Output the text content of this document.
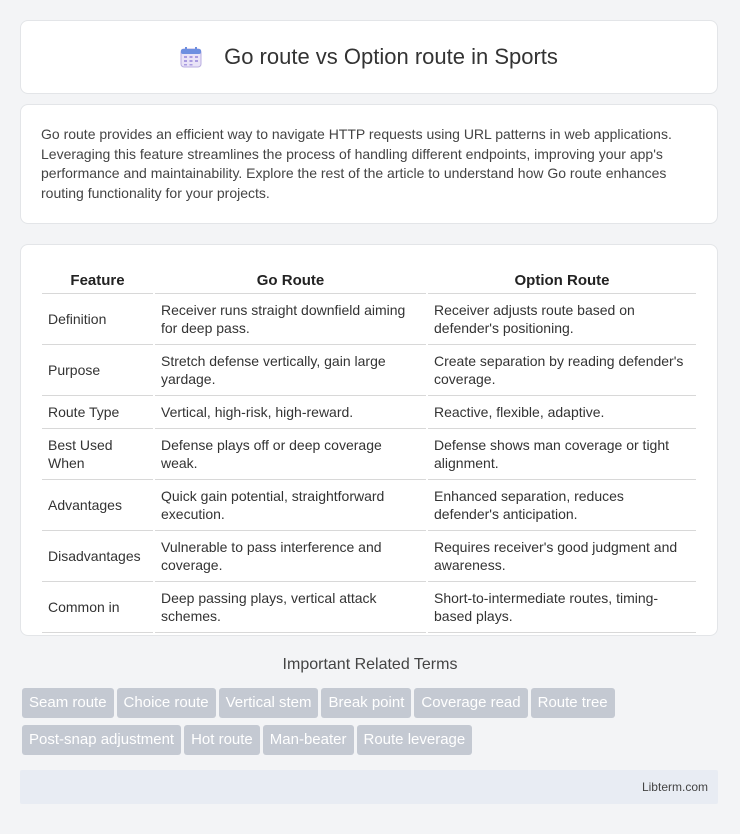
Go route vs Option route in Sports

Go route provides an efficient way to navigate HTTP requests using URL patterns in web applications. Leveraging this feature streamlines the process of handling different endpoints, improving your app's performance and maintainability. Explore the rest of the article to understand how Go route enhances routing functionality for your projects.

Feature	Go Route	Option Route
Definition	Receiver runs straight downfield aiming for deep pass.	Receiver adjusts route based on defender's positioning.
Purpose	Stretch defense vertically, gain large yardage.	Create separation by reading defender's coverage.
Route Type	Vertical, high-risk, high-reward.	Reactive, flexible, adaptive.
Best Used When	Defense plays off or deep coverage weak.	Defense shows man coverage or tight alignment.
Advantages	Quick gain potential, straightforward execution.	Enhanced separation, reduces defender's anticipation.
Disadvantages	Vulnerable to pass interference and coverage.	Requires receiver's good judgment and awareness.
Common in	Deep passing plays, vertical attack schemes.	Short-to-intermediate routes, timing-based plays.
Important Related Terms
Seam route Choice route Vertical stem Break point Coverage read Route tree
Post-snap adjustment Hot route Man-beater Route leverage
Libterm.com
